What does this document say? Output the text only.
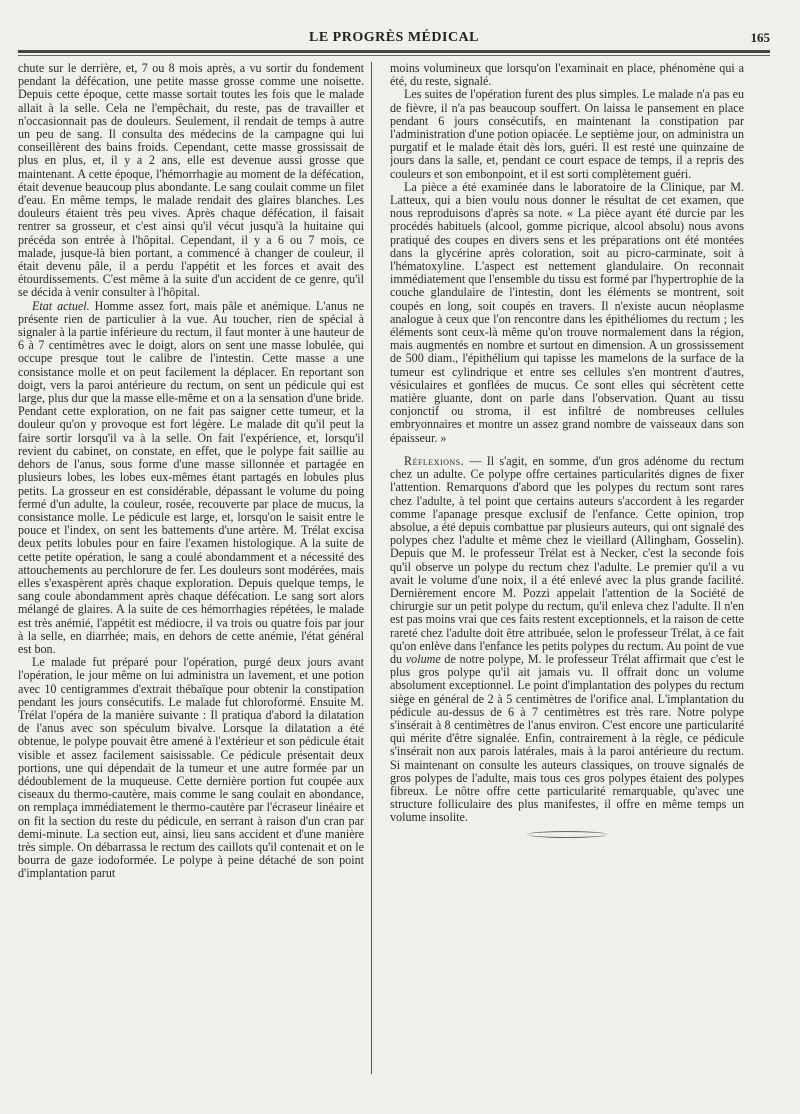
LE PROGRÈS MÉDICAL	165

chute sur le derrière, et, 7 ou 8 mois après, a vu sortir du fondement pendant la défécation, une petite masse grosse comme une noisette. Depuis cette époque, cette masse sortait toutes les fois que le malade allait à la selle. Cela ne l'empêchait, du reste, pas de travailler et n'occasionnait pas de douleurs. Seulement, il rendait de temps à autre un peu de sang. Il consulta des médecins de la campagne qui lui conseillèrent des bains froids. Cependant, cette masse grossissait de plus en plus, et, il y a 2 ans, elle est devenue aussi grosse que maintenant. A cette époque, l'hémorrhagie au moment de la défécation, était devenue beaucoup plus abondante. Le sang coulait comme un filet d'eau. En même temps, le malade rendait des glaires blanches. Les douleurs étaient très peu vives. Après chaque défécation, il faisait rentrer sa grosseur, et c'est ainsi qu'il vécut jusqu'à la huitaine qui précéda son entrée à l'hôpital. Cependant, il y a 6 ou 7 mois, ce malade, jusque-là bien portant, a commencé à changer de couleur, il était devenu pâle, il a perdu l'appétit et les forces et avait des étourdissements. C'est même à la suite d'un accident de ce genre, qu'il se décida à venir consulter à l'hôpital.

Etat actuel. Homme assez fort, mais pâle et anémique. L'anus ne présente rien de particulier à la vue. Au toucher, rien de spécial à signaler à la partie inférieure du rectum, il faut monter à une hauteur de 6 à 7 centimètres avec le doigt, alors on sent une masse lobulée, qui occupe presque tout le calibre de l'intestin. Cette masse a une consistance molle et on peut facilement la déplacer. En reportant son doigt, vers la paroi antérieure du rectum, on sent un pédicule qui est large, plus dur que la masse elle-même et on a la sensation d'une bride. Pendant cette exploration, on ne fait pas saigner cette tumeur, et la douleur qu'on y provoque est fort légère. Le malade dit qu'il peut la faire sortir lorsqu'il va à la selle. On fait l'expérience, et, lorsqu'il revient du cabinet, on constate, en effet, que le polype fait saillie au dehors de l'anus, sous forme d'une masse sillonnée et partagée en plusieurs lobes, les lobes eux-mêmes étant partagés en lobules plus petits. La grosseur en est considérable, dépassant le volume du poing fermé d'un adulte, la couleur, rosée, recouverte par place de mucus, la consistance molle. Le pédicule est large, et, lorsqu'on le saisit entre le pouce et l'index, on sent les battements d'une artère. M. Trélat excisa deux petits lobules pour en faire l'examen histologique. A la suite de cette petite opération, le sang a coulé abondamment et a nécessité des attouchements au perchlorure de fer. Les douleurs sont modérées, mais elles s'exaspèrent après chaque exploration. Depuis quelque temps, le sang coule abondamment après chaque défécation. Le sang sort alors mélangé de glaires. A la suite de ces hémorrhagies répétées, le malade est très anémié, l'appétit est médiocre, il va trois ou quatre fois par jour à la selle, en diarrhée; mais, en dehors de cette anémie, l'état général est bon.

Le malade fut préparé pour l'opération, purgé deux jours avant l'opération, le jour même on lui administra un lavement, et une potion avec 10 centigrammes d'extrait thébaïque pour obtenir la constipation pendant les jours consécutifs. Le malade fut chloroformé. Ensuite M. Trélat l'opéra de la manière suivante : Il pratiqua d'abord la dilatation de l'anus avec son spéculum bivalve. Lorsque la dilatation a été obtenue, le polype pouvait être amené à l'extérieur et son pédicule était visible et assez facilement saisissable. Ce pédicule présentait deux portions, une qui dépendait de la tumeur et une autre formée par un dédoublement de la muqueuse. Cette dernière portion fut coupée aux ciseaux du thermo-cautère, mais comme le sang coulait en abondance, on remplaça immédiatement le thermo-cautère par l'écraseur linéaire et on fit la section du reste du pédicule, en serrant à raison d'un cran par demi-minute. La section eut, ainsi, lieu sans accident et d'une manière très simple. On débarrassa le rectum des caillots qu'il contenait et on le bourra de gaze iodoformée. Le polype à peine détaché de son point d'implantation parut

moins volumineux que lorsqu'on l'examinait en place, phénomène qui a été, du reste, signalé.

Les suites de l'opération furent des plus simples. Le malade n'a pas eu de fièvre, il n'a pas beaucoup souffert. On laissa le pansement en place pendant 6 jours consécutifs, en maintenant la constipation par l'administration d'une potion opiacée. Le septième jour, on administra un purgatif et le malade était dès lors, guéri. Il est resté une quinzaine de jours dans la salle, et, pendant ce court espace de temps, il a repris des couleurs et son embonpoint, et il est sorti complètement guéri.

La pièce a été examinée dans le laboratoire de la Clinique, par M. Latteux, qui a bien voulu nous donner le résultat de cet examen, que nous reproduisons d'après sa note. « La pièce ayant été durcie par les procédés habituels (alcool, gomme picrique, alcool absolu) nous avons pratiqué des coupes en divers sens et les préparations ont été montées dans la glycérine après coloration, soit au picro-carminate, soit à l'hématoxyline. L'aspect est nettement glandulaire. On reconnait immédiatement que l'ensemble du tissu est formé par l'hypertrophie de la couche glandulaire de l'intestin, dont les éléments se montrent, soit coupés en long, soit coupés en travers. Il n'existe aucun néoplasme analogue à ceux que l'on rencontre dans les épithéliomes du rectum ; les éléments sont ceux-là même qu'on trouve normalement dans la région, mais augmentés en nombre et surtout en dimension. A un grossissement de 500 diam., l'épithélium qui tapisse les mamelons de la surface de la tumeur est cylindrique et entre ses cellules s'en montrent d'autres, vésiculaires et gonflées de mucus. Ce sont elles qui sécrètent cette matière gluante, dont on parle dans l'observation. Quant au tissu conjonctif ou stroma, il est infiltré de nombreuses cellules embryonnaires et montre un assez grand nombre de vaisseaux dans son épaisseur. »

Réflexions. — Il s'agit, en somme, d'un gros adénome du rectum chez un adulte. Ce polype offre certaines particularités dignes de fixer l'attention. Remarquons d'abord que les polypes du rectum sont rares chez l'adulte, à tel point que certains auteurs s'accordent à les regarder comme l'apanage presque exclusif de l'enfance. Cette opinion, trop absolue, a été depuis combattue par plusieurs auteurs, qui ont signalé des polypes chez l'adulte et même chez le vieillard (Allingham, Gosselin). Depuis que M. le professeur Trélat est à Necker, c'est la seconde fois qu'il observe un polype du rectum chez l'adulte. Le premier qu'il a vu avait le volume d'une noix, il a été enlevé avec la plus grande facilité. Dernièrement encore M. Pozzi appelait l'attention de la Société de chirurgie sur un petit polype du rectum, qu'il enleva chez l'adulte. Il n'en est pas moins vrai que ces faits restent exceptionnels, et la raison de cette rareté chez l'adulte doit être attribuée, selon le professeur Trélat, à ce fait qu'on enlève dans l'enfance les petits polypes du rectum. Au point de vue du volume de notre polype, M. le professeur Trélat affirmait que c'est le plus gros polype qu'il ait jamais vu. Il offrait donc un volume absolument exceptionnel. Le point d'implantation des polypes du rectum siège en général de 2 à 5 centimètres de l'orifice anal. L'implantation du pédicule au-dessus de 6 à 7 centimètres est très rare. Notre polype s'insérait à 8 centimètres de l'anus environ. C'est encore une particularité qui mérite d'être signalée. Enfin, contrairement à la règle, ce pédicule s'insérait non aux parois latérales, mais à la paroi antérieure du rectum. Si maintenant on consulte les auteurs classiques, on trouve signalés de gros polypes de l'adulte, mais tous ces gros polypes étaient des polypes fibreux. Le nôtre offre cette particularité remarquable, qu'avec une structure folliculaire des plus manifestes, il offre en même temps un volume insolite.
